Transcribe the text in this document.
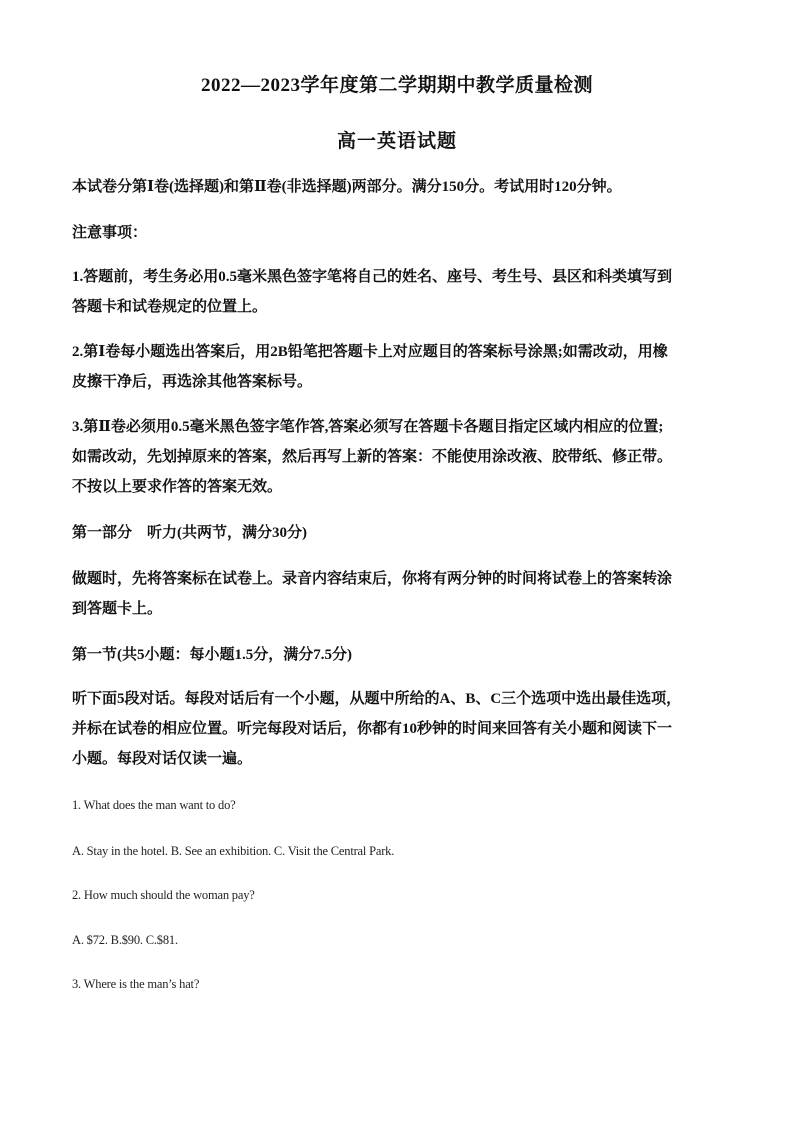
2022—2023学年度第二学期期中教学质量检测
高一英语试题
本试卷分第Ⅰ卷(选择题)和第Ⅱ卷(非选择题)两部分。满分150分。考试用时120分钟。
注意事项：
1.答题前，考生务必用0.5毫米黑色签字笔将自己的姓名、座号、考生号、县区和科类填写到
答题卡和试卷规定的位置上。
2.第Ⅰ卷每小题选出答案后，用2B铅笔把答题卡上对应题目的答案标号涂黑;如需改动，用橡
皮擦干净后，再选涂其他答案标号。
3.第Ⅱ卷必须用0.5毫米黑色签字笔作答,答案必须写在答题卡各题目指定区域内相应的位置;
如需改动，先划掉原来的答案，然后再写上新的答案：不能使用涂改液、胶带纸、修正带。
不按以上要求作答的答案无效。
第一部分　听力(共两节，满分30分)
做题时，先将答案标在试卷上。录音内容结束后，你将有两分钟的时间将试卷上的答案转涂
到答题卡上。
第一节(共5小题：每小题1.5分，满分7.5分)
听下面5段对话。每段对话后有一个小题，从题中所给的A、B、C三个选项中选出最佳选项，
并标在试卷的相应位置。听完每段对话后，你都有10秒钟的时间来回答有关小题和阅读下一
小题。每段对话仅读一遍。
1. What does the man want to do?
A. Stay in the hotel. B. See an exhibition. C. Visit the Central Park.
2. How much should the woman pay?
A. $72. B.$90. C.$81.
3. Where is the man’s hat?
